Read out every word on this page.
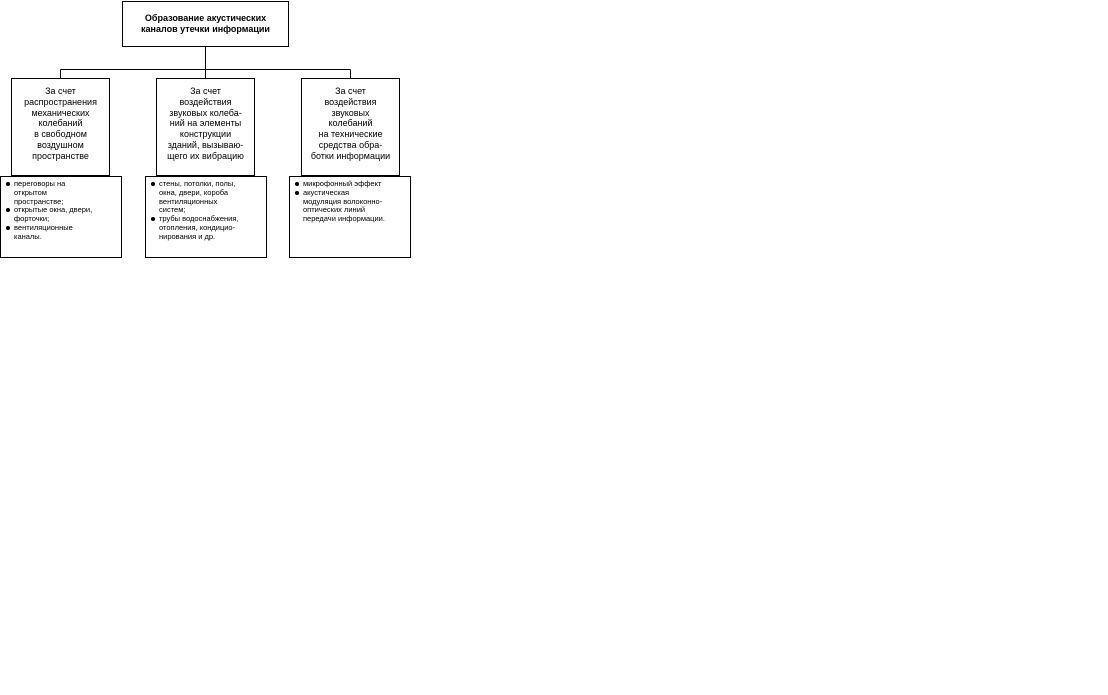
Образование акустических
каналов утечки информации
За счет
распространения
механических
колебаний
в свободном
воздушном
пространстве
За счет
воздействия
звуковых колеба-
ний на элементы
конструкции
зданий, вызываю-
щего их вибрацию
За счет
воздействия
звуковых
колебаний
на технические
средства обра-
ботки информации
переговоры на
открытом
пространстве;
открытые окна, двери,
форточки;
вентиляционные
каналы.
стены, потолки, полы,
окна, двери, короба
вентиляционных
систем;
трубы водоснабжения,
отопления, кондицио-
нирования и др.
микрофонный эффект
акустическая
модуляция волоконно-
оптических линий
передачи информации.
